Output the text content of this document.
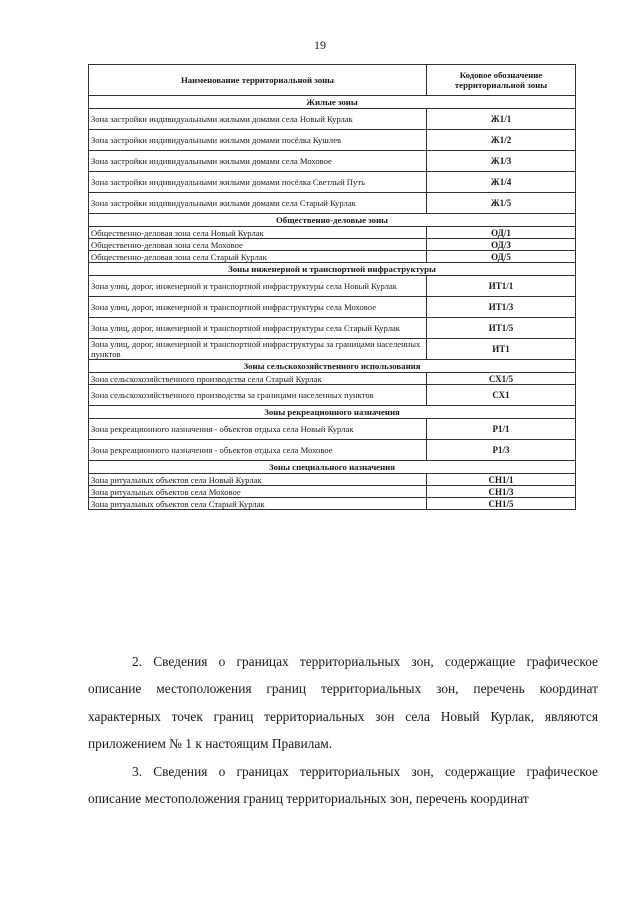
19
Наименование территориальной зоны	Кодовое обозначение территориальной зоны
Жилые зоны	
Зона застройки индивидуальными жилыми домами села Новый Курлак	Ж1/1
Зона застройки индивидуальными жилыми домами посёлка Кушлев	Ж1/2
Зона застройки индивидуальными жилыми домами села Моховое	Ж1/3
Зона застройки индивидуальными жилыми домами посёлка Светлый Путь	Ж1/4
Зона застройки индивидуальными жилыми домами села Старый Курлак	Ж1/5
Общественно-деловые зоны	
Общественно-деловая зона села Новый Курлак	ОД/1
Общественно-деловая зона села Моховое	ОД/3
Общественно-деловая зона села Старый Курлак	ОД/5
Зоны инженерной и транспортной инфраструктуры	
Зона улиц, дорог, инженерной и транспортной инфраструктуры села Новый Курлак	ИТ1/1
Зона улиц, дорог, инженерной и транспортной инфраструктуры села Моховое	ИТ1/3
Зона улиц, дорог, инженерной и транспортной инфраструктуры села Старый Курлак	ИТ1/5
Зона улиц, дорог, инженерной и транспортной инфраструктуры за границами населенных пунктов	ИТ1
Зоны сельскохозяйственного использования	
Зона сельскохозяйственного производства села Старый Курлак	СХ1/5
Зона сельскохозяйственного производства за границами населенных пунктов	СХ1
Зоны рекреационного назначения	
Зона рекреационного назначения - объектов отдыха села Новый Курлак	Р1/1
Зона рекреационного назначения - объектов отдыха села Моховое	Р1/3
Зоны специального назначения	
Зона ритуальных объектов села Новый Курлак	СН1/1
Зона ритуальных объектов села Моховое	СН1/3
Зона ритуальных объектов села Старый Курлак	СН1/5

2. Сведения о границах территориальных зон, содержащие графическое описание местоположения границ территориальных зон, перечень координат характерных точек границ территориальных зон села Новый Курлак, являются приложением № 1 к настоящим Правилам.

3. Сведения о границах территориальных зон, содержащие графическое описание местоположения границ территориальных зон, перечень координат
